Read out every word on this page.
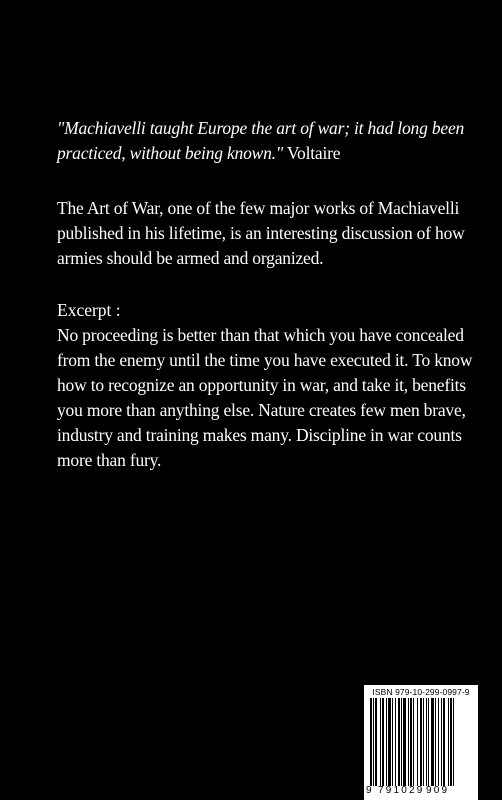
"Machiavelli taught Europe the art of war; it had long been practiced, without being known." Voltaire
The Art of War, one of the few major works of Machiavelli published in his lifetime, is an interesting discussion of how armies should be armed and organized.
Excerpt :
No proceeding is better than that which you have concealed from the enemy until the time you have executed it. To know how to recognize an opportunity in war, and take it, benefits you more than anything else. Nature creates few men brave, industry and training makes many. Discipline in war counts more than fury.
ISBN 979-10-299-0997-9
9 791029 909
